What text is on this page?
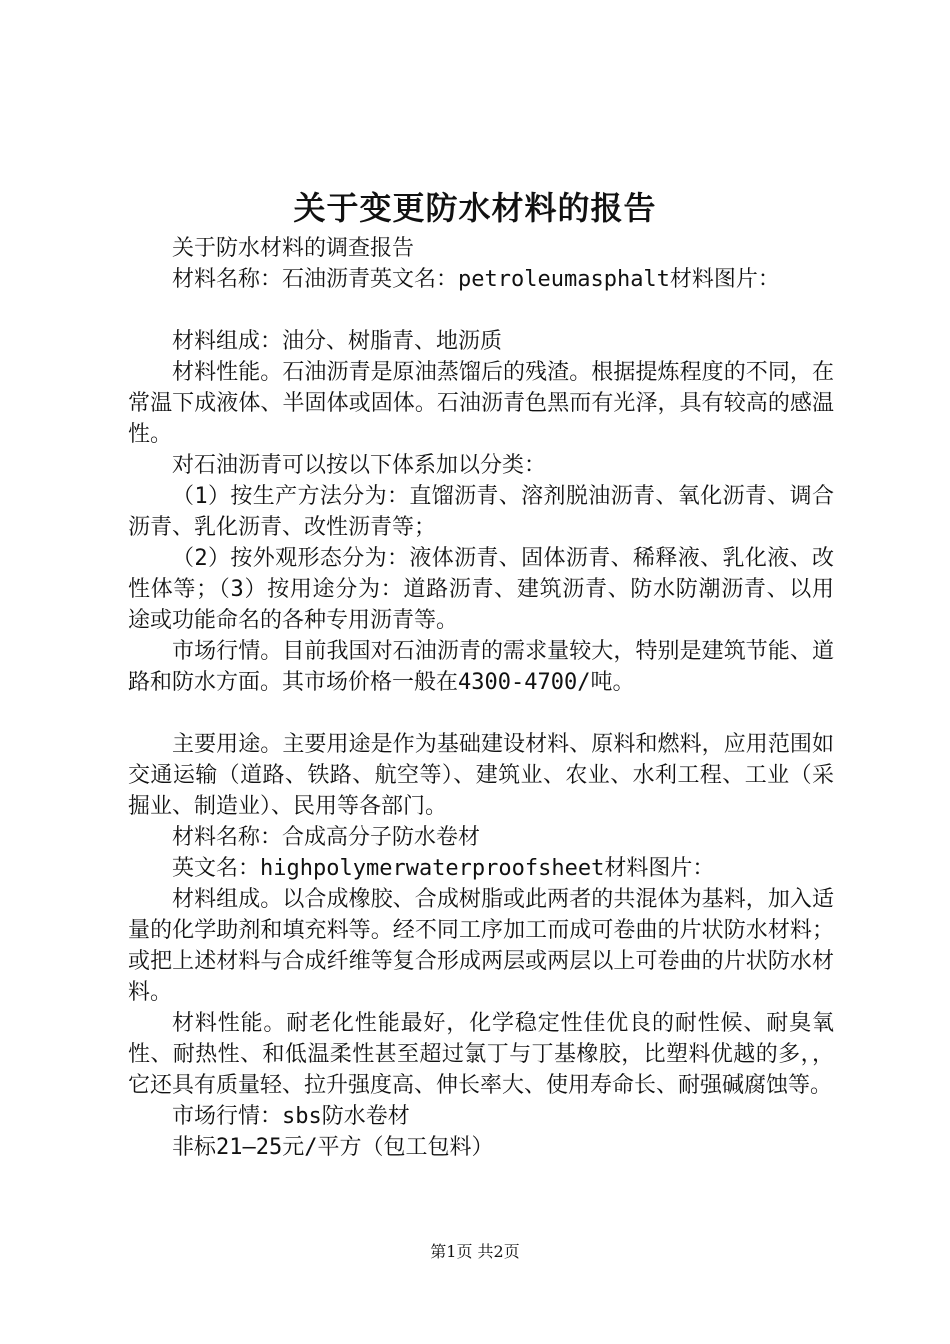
关于变更防水材料的报告

关于防水材料的调查报告

材料名称：石油沥青英文名：petroleumasphalt材料图片：

材料组成：油分、树脂青、地沥质

材料性能。石油沥青是原油蒸馏后的残渣。根据提炼程度的不同，在常温下成液体、半固体或固体。石油沥青色黑而有光泽，具有较高的感温性。

对石油沥青可以按以下体系加以分类：

（1）按生产方法分为：直馏沥青、溶剂脱油沥青、氧化沥青、调合沥青、乳化沥青、改性沥青等；

（2）按外观形态分为：液体沥青、固体沥青、稀释液、乳化液、改性体等；（3）按用途分为：道路沥青、建筑沥青、防水防潮沥青、以用途或功能命名的各种专用沥青等。

市场行情。目前我国对石油沥青的需求量较大，特别是建筑节能、道路和防水方面。其市场价格一般在4300-4700/吨。

主要用途。主要用途是作为基础建设材料、原料和燃料，应用范围如交通运输（道路、铁路、航空等）、建筑业、农业、水利工程、工业（采掘业、制造业）、民用等各部门。

材料名称：合成高分子防水卷材

英文名：highpolymerwaterproofsheet材料图片：

材料组成。以合成橡胶、合成树脂或此两者的共混体为基料，加入适量的化学助剂和填充料等。经不同工序加工而成可卷曲的片状防水材料；或把上述材料与合成纤维等复合形成两层或两层以上可卷曲的片状防水材料。

材料性能。耐老化性能最好，化学稳定性佳优良的耐性候、耐臭氧性、耐热性、和低温柔性甚至超过氯丁与丁基橡胶，比塑料优越的多，，它还具有质量轻、拉升强度高、伸长率大、使用寿命长、耐强碱腐蚀等。

市场行情：sbs防水卷材

非标21—25元/平方（包工包料）

第1页 共2页
